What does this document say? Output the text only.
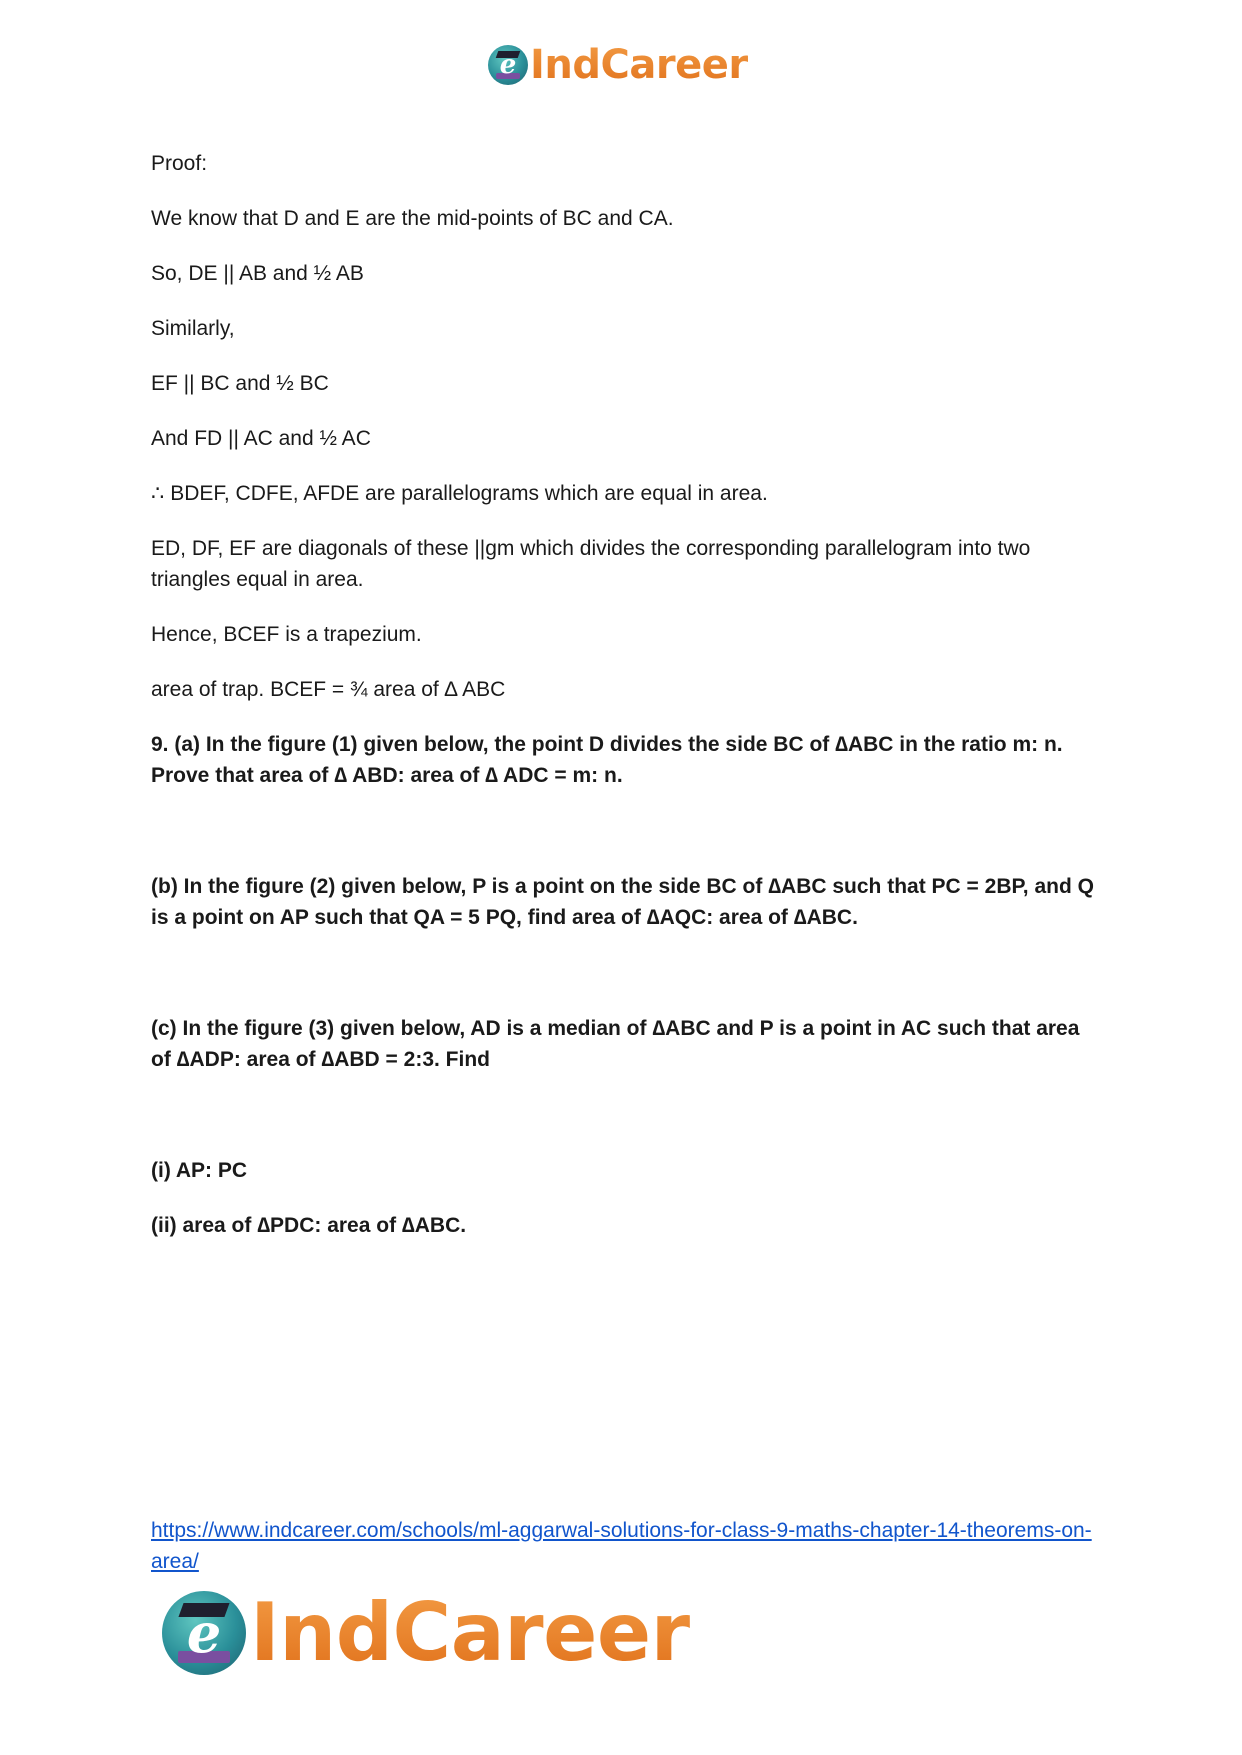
e IndCareer

Proof:

We know that D and E are the mid-points of BC and CA.

So, DE || AB and ½ AB

Similarly,

EF || BC and ½ BC

And FD || AC and ½ AC

∴ BDEF, CDFE, AFDE are parallelograms which are equal in area.

ED, DF, EF are diagonals of these ||gm which divides the corresponding parallelogram into two triangles equal in area.

Hence, BCEF is a trapezium.

area of trap. BCEF = ¾ area of ∆ ABC

9. (a) In the figure (1) given below, the point D divides the side BC of ∆ABC in the ratio m: n. Prove that area of ∆ ABD: area of ∆ ADC = m: n.

(b) In the figure (2) given below, P is a point on the side BC of ∆ABC such that PC = 2BP, and Q is a point on AP such that QA = 5 PQ, find area of ∆AQC: area of ∆ABC.

(c) In the figure (3) given below, AD is a median of ∆ABC and P is a point in AC such that area of ∆ADP: area of ∆ABD = 2:3. Find

(i) AP: PC

(ii) area of ∆PDC: area of ∆ABC.

https://www.indcareer.com/schools/ml-aggarwal-solutions-for-class-9-maths-chapter-14-theorems-on-area/
e IndCareer
